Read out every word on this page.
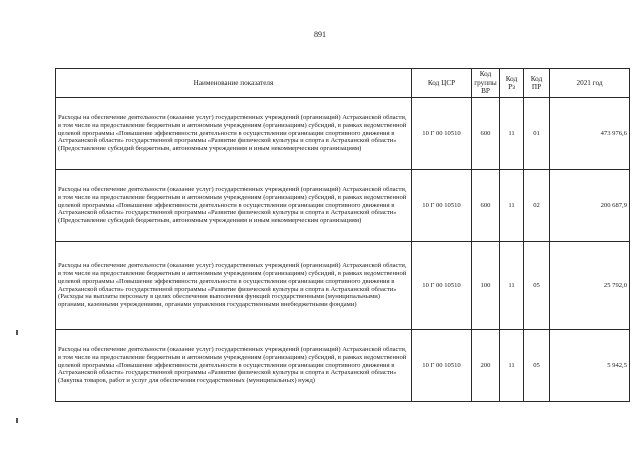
891
Наименование показателя	Код ЦСР	Код группы ВР	Код Рз	Код ПР	2021 год
Расходы на обеспечение деятельности (оказание услуг) государственных учреждений (организаций) Астраханской области, в том числе на предоставление бюджетным и автономным учреждениям (организациям) субсидий, в рамках ведомственной целевой программы «Повышение эффективности деятельности в осуществлении организации спортивного движения в Астраханской области» государственной программы «Развитие физической культуры и спорта в Астраханской области» (Предоставление субсидий бюджетным, автономным учреждениям и иным некоммерческим организациям)	10 Г 00 10510	600	11	01	473 976,6
Расходы на обеспечение деятельности (оказание услуг) государственных учреждений (организаций) Астраханской области, в том числе на предоставление бюджетным и автономным учреждениям (организациям) субсидий, в рамках ведомственной целевой программы «Повышение эффективности деятельности в осуществлении организации спортивного движения в Астраханской области» государственной программы «Развитие физической культуры и спорта в Астраханской области» (Предоставление субсидий бюджетным, автономным учреждениям и иным некоммерческим организациям)	10 Г 00 10510	600	11	02	200 687,9
Расходы на обеспечение деятельности (оказание услуг) государственных учреждений (организаций) Астраханской области, в том числе на предоставление бюджетным и автономным учреждениям (организациям) субсидий, в рамках ведомственной целевой программы «Повышение эффективности деятельности в осуществлении организации спортивного движения в Астраханской области» государственной программы «Развитие физической культуры и спорта в Астраханской области» (Расходы на выплаты персоналу в целях обеспечения выполнения функций государственными (муниципальными) органами, казенными учреждениями, органами управления государственными внебюджетными фондами)	10 Г 00 10510	100	11	05	25 792,0
Расходы на обеспечение деятельности (оказание услуг) государственных учреждений (организаций) Астраханской области, в том числе на предоставление бюджетным и автономным учреждениям (организациям) субсидий, в рамках ведомственной целевой программы «Повышение эффективности деятельности в осуществлении организации спортивного движения в Астраханской области» государственной программы «Развитие физической культуры и спорта в Астраханской области» (Закупка товаров, работ и услуг для обеспечения государственных (муниципальных) нужд)	10 Г 00 10510	200	11	05	5 942,5
